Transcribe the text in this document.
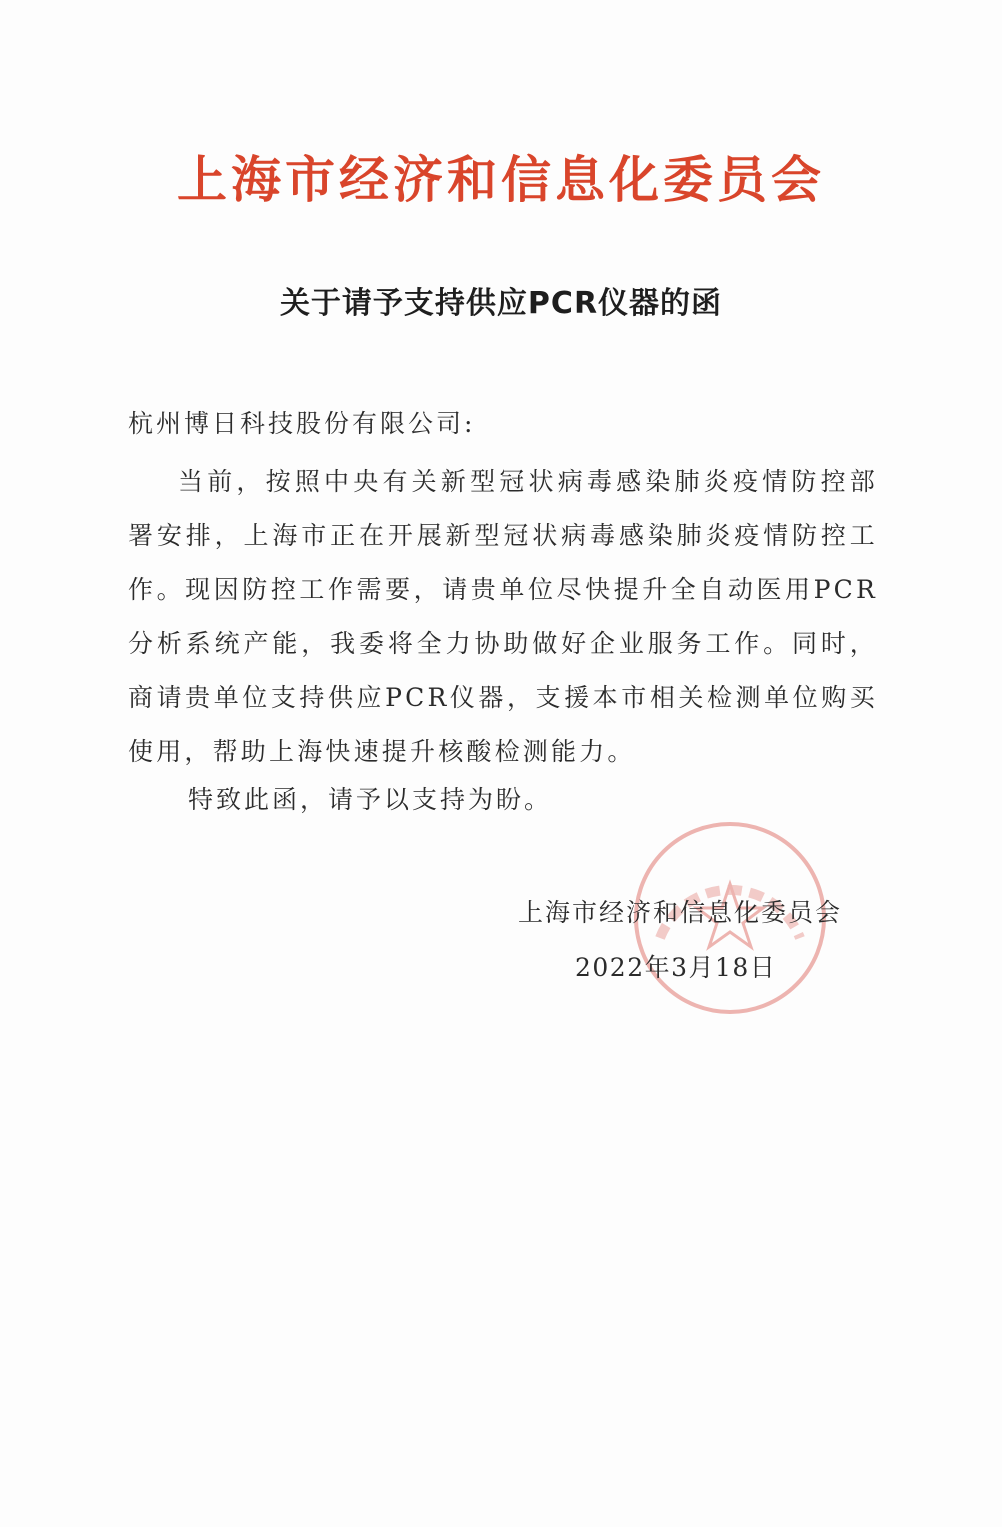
上海市经济和信息化委员会
关于请予支持供应PCR仪器的函
杭州博日科技股份有限公司:
当前，按照中央有关新型冠状病毒感染肺炎疫情防控部署安排，上海市正在开展新型冠状病毒感染肺炎疫情防控工作。现因防控工作需要，请贵单位尽快提升全自动医用PCR分析系统产能，我委将全力协助做好企业服务工作。同时，商请贵单位支持供应PCR仪器，支援本市相关检测单位购买使用，帮助上海快速提升核酸检测能力。
特致此函，请予以支持为盼。
上海市经济和信息化委员会
2022年3月18日
